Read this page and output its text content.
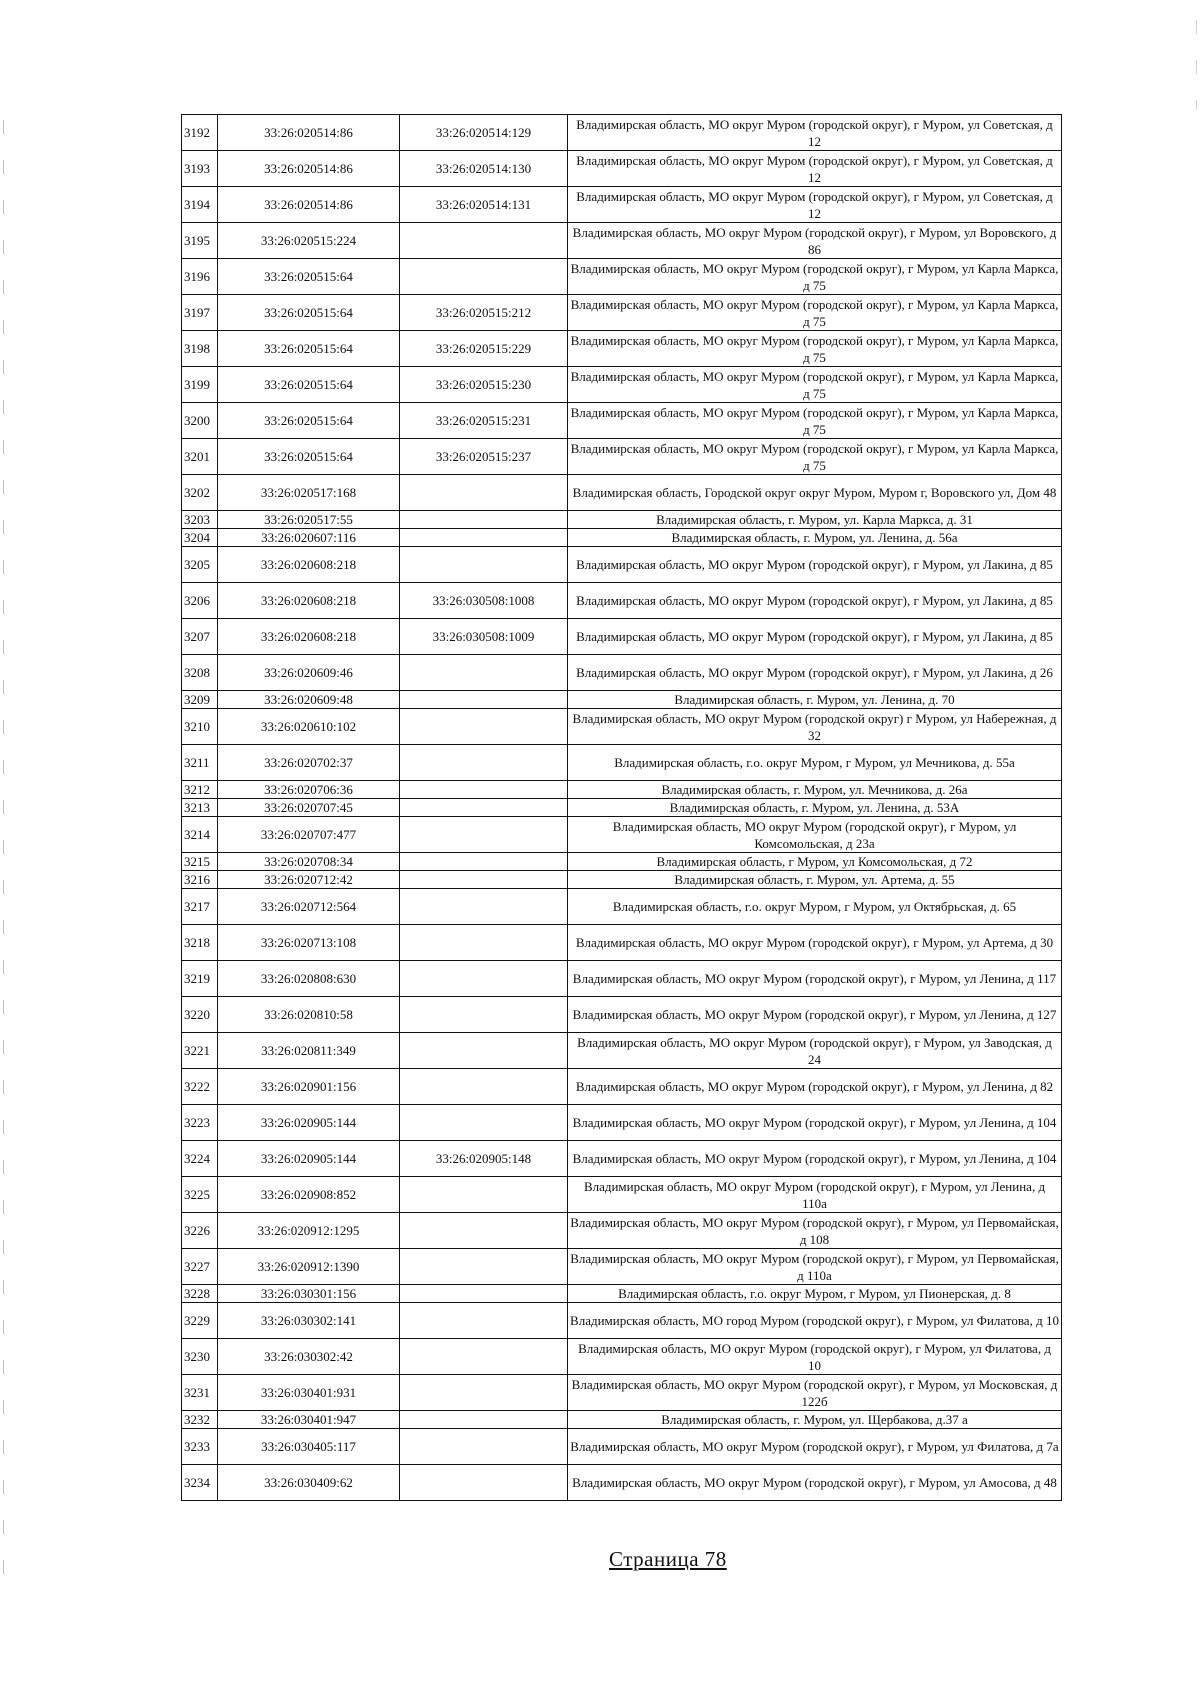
3192	33:26:020514:86	33:26:020514:129	Владимирская область, МО округ Муром (городской округ), г Муром, ул Советская, д 12
3193	33:26:020514:86	33:26:020514:130	Владимирская область, МО округ Муром (городской округ), г Муром, ул Советская, д 12
3194	33:26:020514:86	33:26:020514:131	Владимирская область, МО округ Муром (городской округ), г Муром, ул Советская, д 12
3195	33:26:020515:224		Владимирская область, МО округ Муром (городской округ), г Муром, ул Воровского, д 86
3196	33:26:020515:64		Владимирская область, МО округ Муром (городской округ), г Муром, ул Карла Маркса, д 75
3197	33:26:020515:64	33:26:020515:212	Владимирская область, МО округ Муром (городской округ), г Муром, ул Карла Маркса, д 75
3198	33:26:020515:64	33:26:020515:229	Владимирская область, МО округ Муром (городской округ), г Муром, ул Карла Маркса, д 75
3199	33:26:020515:64	33:26:020515:230	Владимирская область, МО округ Муром (городской округ), г Муром, ул Карла Маркса, д 75
3200	33:26:020515:64	33:26:020515:231	Владимирская область, МО округ Муром (городской округ), г Муром, ул Карла Маркса, д 75
3201	33:26:020515:64	33:26:020515:237	Владимирская область, МО округ Муром (городской округ), г Муром, ул Карла Маркса, д 75
3202	33:26:020517:168		Владимирская область, Городской округ округ Муром, Муром г, Воровского ул, Дом 48
3203	33:26:020517:55		Владимирская область, г. Муром, ул. Карла Маркса, д. 31
3204	33:26:020607:116		Владимирская область, г. Муром, ул. Ленина, д. 56а
3205	33:26:020608:218		Владимирская область, МО округ Муром (городской округ), г Муром, ул Лакина, д 85
3206	33:26:020608:218	33:26:030508:1008	Владимирская область, МО округ Муром (городской округ), г Муром, ул Лакина, д 85
3207	33:26:020608:218	33:26:030508:1009	Владимирская область, МО округ Муром (городской округ), г Муром, ул Лакина, д 85
3208	33:26:020609:46		Владимирская область, МО округ Муром (городской округ), г Муром, ул Лакина, д 26
3209	33:26:020609:48		Владимирская область, г. Муром, ул. Ленина, д. 70
3210	33:26:020610:102		Владимирская область, МО округ Муром (городской округ) г Муром, ул Набережная, д 32
3211	33:26:020702:37		Владимирская область, г.о. округ Муром, г Муром, ул Мечникова, д. 55а
3212	33:26:020706:36		Владимирская область, г. Муром, ул. Мечникова, д. 26а
3213	33:26:020707:45		Владимирская область, г. Муром, ул. Ленина, д. 53А
3214	33:26:020707:477		Владимирская область, МО округ Муром (городской округ), г Муром, ул Комсомольская, д 23а
3215	33:26:020708:34		Владимирская область, г Муром, ул Комсомольская, д 72
3216	33:26:020712:42		Владимирская область, г. Муром, ул. Артема, д. 55
3217	33:26:020712:564		Владимирская область, г.о. округ Муром, г Муром, ул Октябрьская, д. 65
3218	33:26:020713:108		Владимирская область, МО округ Муром (городской округ), г Муром, ул Артема, д 30
3219	33:26:020808:630		Владимирская область, МО округ Муром (городской округ), г Муром, ул Ленина, д 117
3220	33:26:020810:58		Владимирская область, МО округ Муром (городской округ), г Муром, ул Ленина, д 127
3221	33:26:020811:349		Владимирская область, МО округ Муром (городской округ), г Муром, ул Заводская, д 24
3222	33:26:020901:156		Владимирская область, МО округ Муром (городской округ), г Муром, ул Ленина, д 82
3223	33:26:020905:144		Владимирская область, МО округ Муром (городской округ), г Муром, ул Ленина, д 104
3224	33:26:020905:144	33:26:020905:148	Владимирская область, МО округ Муром (городской округ), г Муром, ул Ленина, д 104
3225	33:26:020908:852		Владимирская область, МО округ Муром (городской округ), г Муром, ул Ленина, д 110а
3226	33:26:020912:1295		Владимирская область, МО округ Муром (городской округ), г Муром, ул Первомайская, д 108
3227	33:26:020912:1390		Владимирская область, МО округ Муром (городской округ), г Муром, ул Первомайская, д 110а
3228	33:26:030301:156		Владимирская область, г.о. округ Муром, г Муром, ул Пионерская, д. 8
3229	33:26:030302:141		Владимирская область, МО город Муром (городской округ), г Муром, ул Филатова, д 10
3230	33:26:030302:42		Владимирская область, МО округ Муром (городской округ), г Муром, ул Филатова, д 10
3231	33:26:030401:931		Владимирская область, МО округ Муром (городской округ), г Муром, ул Московская, д 122б
3232	33:26:030401:947		Владимирская область, г. Муром, ул. Щербакова, д.37 а
3233	33:26:030405:117		Владимирская область, МО округ Муром (городской округ), г Муром, ул Филатова, д 7а
3234	33:26:030409:62		Владимирская область, МО округ Муром (городской округ), г Муром, ул Амосова, д 48
Страница 78
